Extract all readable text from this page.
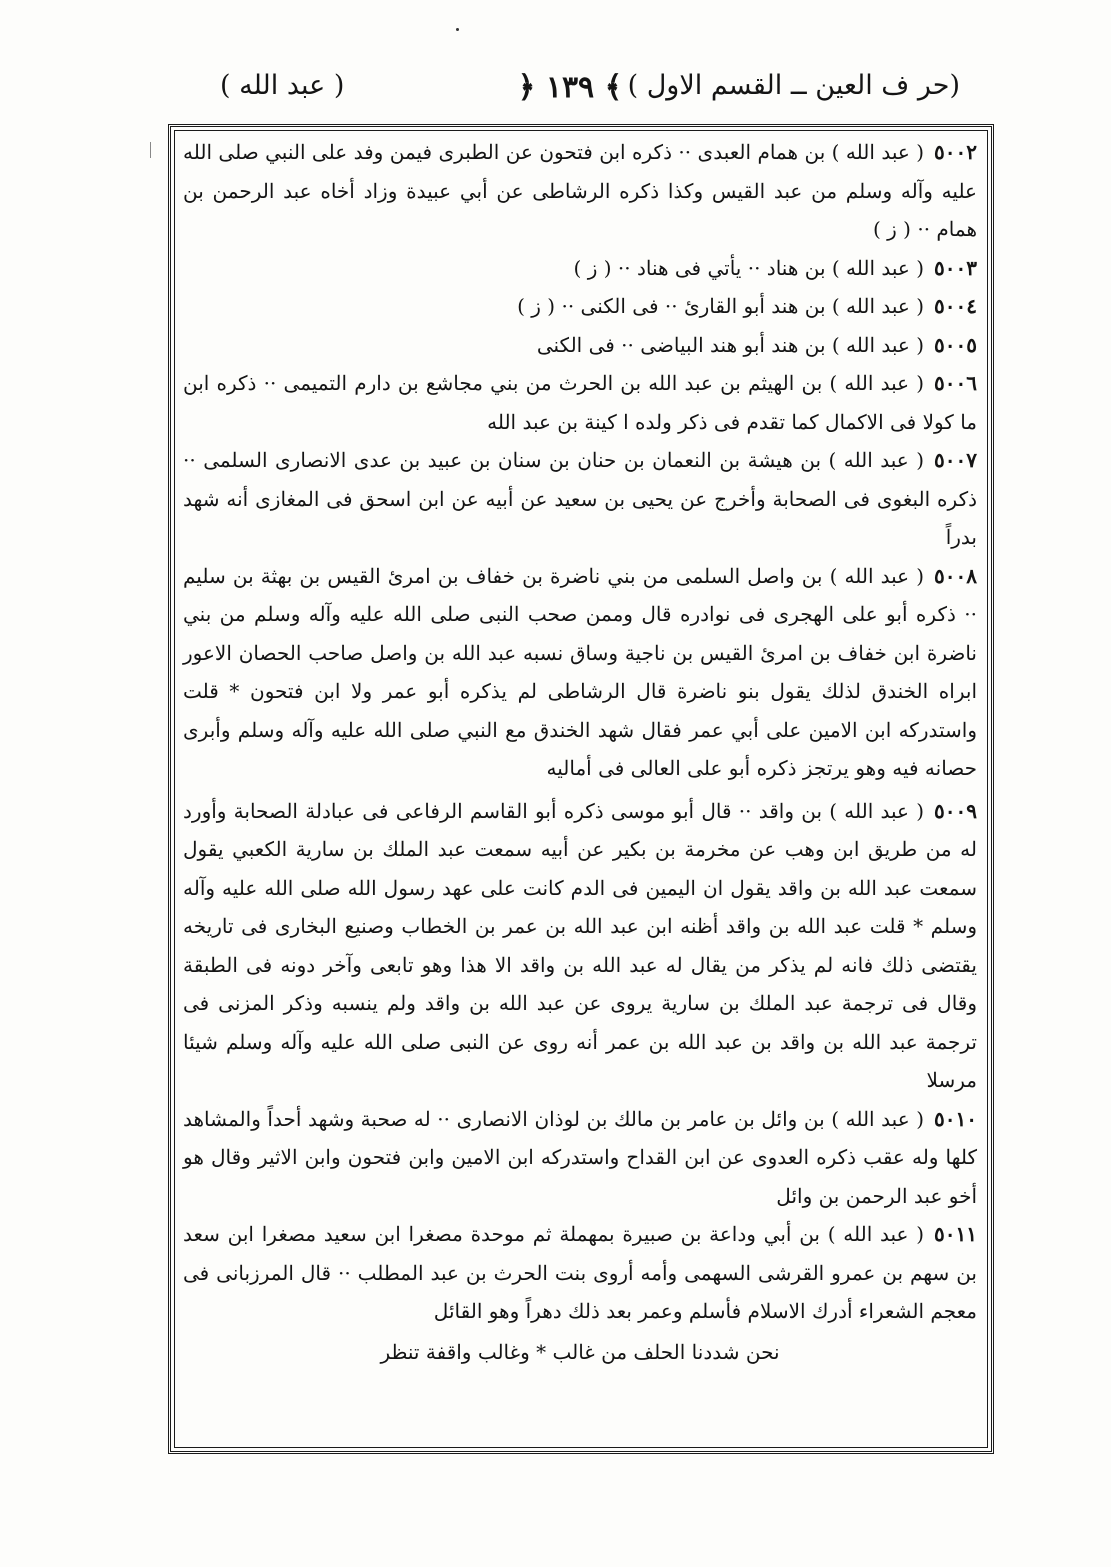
(حر ف العين ــ القسم الاول )
﴾ ١٣٩ ﴿
( عبد الله )

٥٠٠٢( عبد الله ) بن همام العبدى ·· ذكره ابن فتحون عن الطبرى فيمن وفد على النبي صلى الله عليه وآله وسلم من عبد القيس وكذا ذكره الرشاطى عن أبي عبيدة وزاد أخاه عبد الرحمن بن همام ·· ( ز )

٥٠٠٣( عبد الله ) بن هناد ·· يأتي فى هناد ·· ( ز )

٥٠٠٤( عبد الله ) بن هند أبو القارئ ·· فى الكنى ·· ( ز )

٥٠٠٥( عبد الله ) بن هند أبو هند البياضى ·· فى الكنى

٥٠٠٦( عبد الله ) بن الهيثم بن عبد الله بن الحرث من بني مجاشع بن دارم التميمى ·· ذكره ابن ما كولا فى الاكمال كما تقدم فى ذكر ولده ا كينة بن عبد الله

٥٠٠٧( عبد الله ) بن هيشة بن النعمان بن حنان بن سنان بن عبيد بن عدى الانصارى السلمى ·· ذكره البغوى فى الصحابة وأخرج عن يحيى بن سعيد عن أبيه عن ابن اسحق فى المغازى أنه شهد بدراً

٥٠٠٨( عبد الله ) بن واصل السلمى من بني ناضرة بن خفاف بن امرئ القيس بن بهثة بن سليم ·· ذكره أبو على الهجرى فى نوادره قال وممن صحب النبى صلى الله عليه وآله وسلم من بني ناضرة ابن خفاف بن امرئ القيس بن ناجية وساق نسبه عبد الله بن واصل صاحب الحصان الاعور ابراه الخندق لذلك يقول بنو ناضرة قال الرشاطى لم يذكره أبو عمر ولا ابن فتحون * قلت واستدركه ابن الامين على أبي عمر فقال شهد الخندق مع النبي صلى الله عليه وآله وسلم وأبرى حصانه فيه وهو يرتجز ذكره أبو على العالى فى أماليه

٥٠٠٩( عبد الله ) بن واقد ·· قال أبو موسى ذكره أبو القاسم الرفاعى فى عبادلة الصحابة وأورد له من طريق ابن وهب عن مخرمة بن بكير عن أبيه سمعت عبد الملك بن سارية الكعبي يقول سمعت عبد الله بن واقد يقول ان اليمين فى الدم كانت على عهد رسول الله صلى الله عليه وآله وسلم * قلت عبد الله بن واقد أظنه ابن عبد الله بن عمر بن الخطاب وصنيع البخارى فى تاريخه يقتضى ذلك فانه لم يذكر من يقال له عبد الله بن واقد الا هذا وهو تابعى وآخر دونه فى الطبقة وقال فى ترجمة عبد الملك بن سارية يروى عن عبد الله بن واقد ولم ينسبه وذكر المزنى فى ترجمة عبد الله بن واقد بن عبد الله بن عمر أنه روى عن النبى صلى الله عليه وآله وسلم شيئا مرسلا

٥٠١٠( عبد الله ) بن وائل بن عامر بن مالك بن لوذان الانصارى ·· له صحبة وشهد أحداً والمشاهد كلها وله عقب ذكره العدوى عن ابن القداح واستدركه ابن الامين وابن فتحون وابن الاثير وقال هو أخو عبد الرحمن بن وائل

٥٠١١( عبد الله ) بن أبي وداعة بن صبيرة بمهملة ثم موحدة مصغرا ابن سعيد مصغرا ابن سعد بن سهم بن عمرو القرشى السهمى وأمه أروى بنت الحرث بن عبد المطلب ·· قال المرزبانى فى معجم الشعراء أدرك الاسلام فأسلم وعمر بعد ذلك دهراً وهو القائل

نحن شددنا الحلف من غالب * وغالب واقفة تنظر
